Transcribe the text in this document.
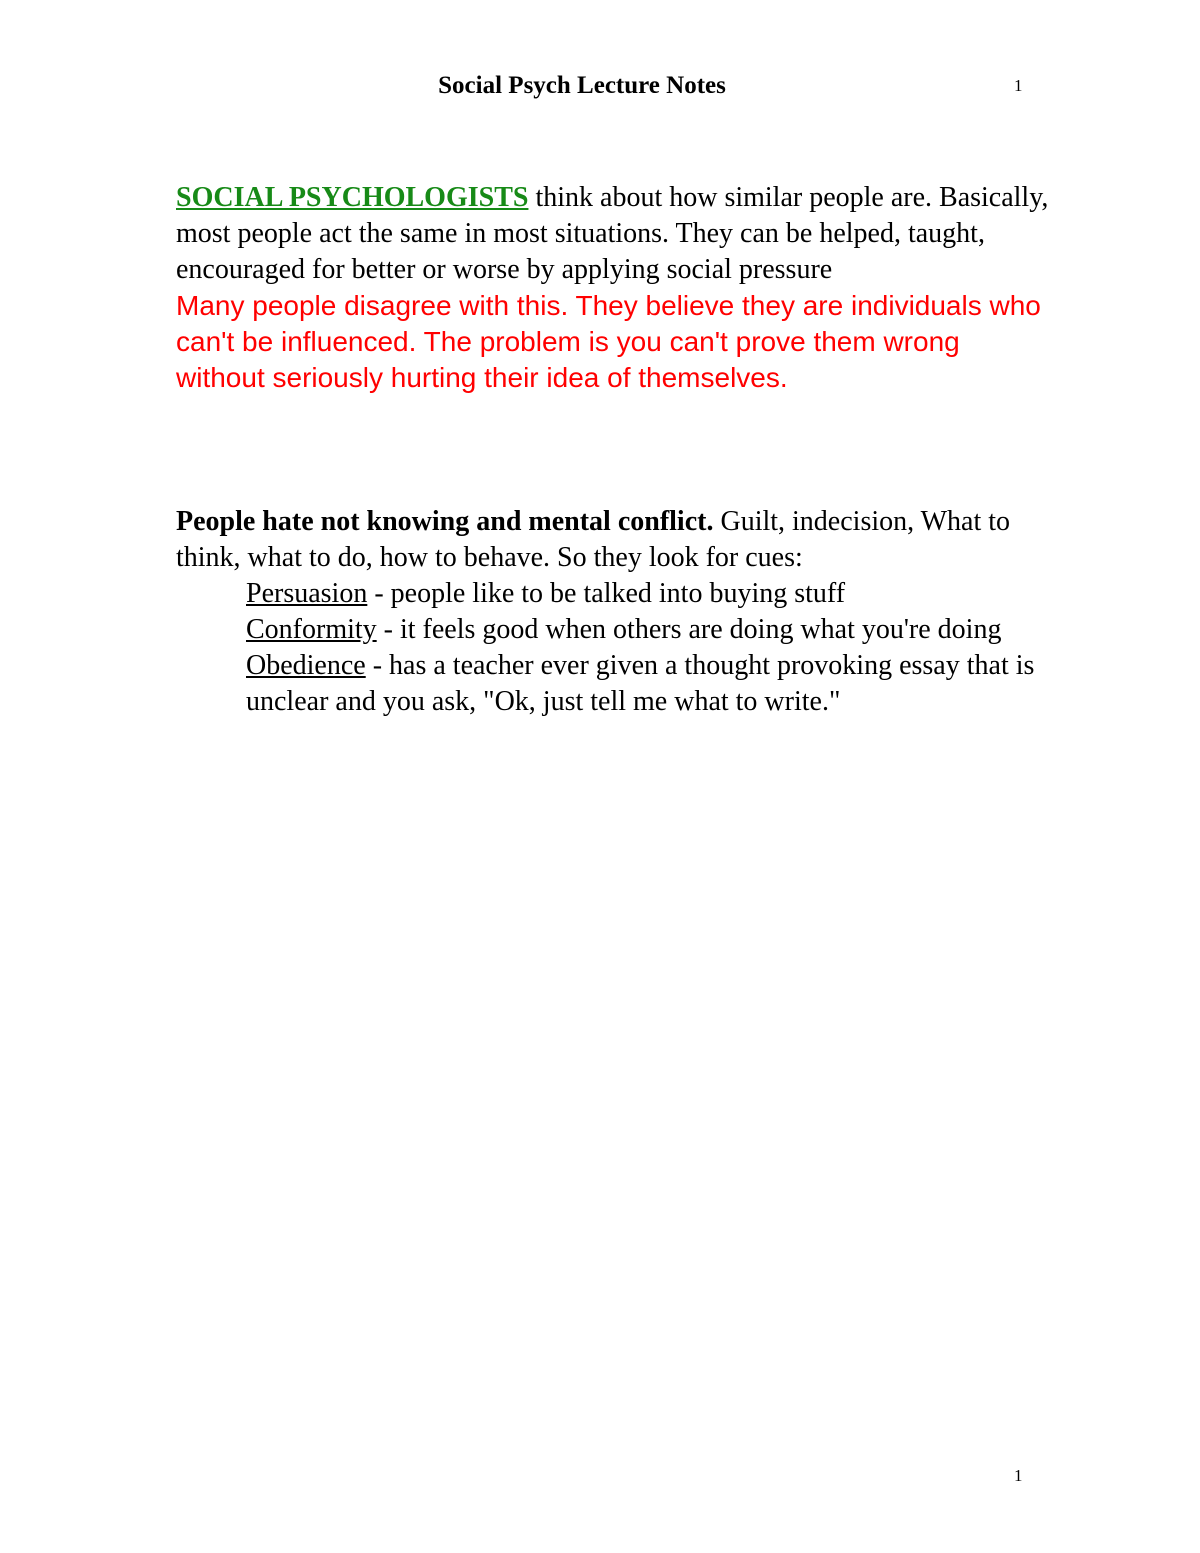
Social Psych Lecture Notes	1
SOCIAL PSYCHOLOGISTS think about how similar people are. Basically, most people act the same in most situations. They can be helped, taught, encouraged for better or worse by applying social pressure
Many people disagree with this. They believe they are individuals who can't be influenced. The problem is you can't prove them wrong without seriously hurting their idea of themselves.
People hate not knowing and mental conflict. Guilt, indecision, What to think, what to do, how to behave. So they look for cues:
Persuasion - people like to be talked into buying stuff
Conformity - it feels good when others are doing what you're doing
Obedience - has a teacher ever given a thought provoking essay that is unclear and you ask, "Ok, just tell me what to write."
1
